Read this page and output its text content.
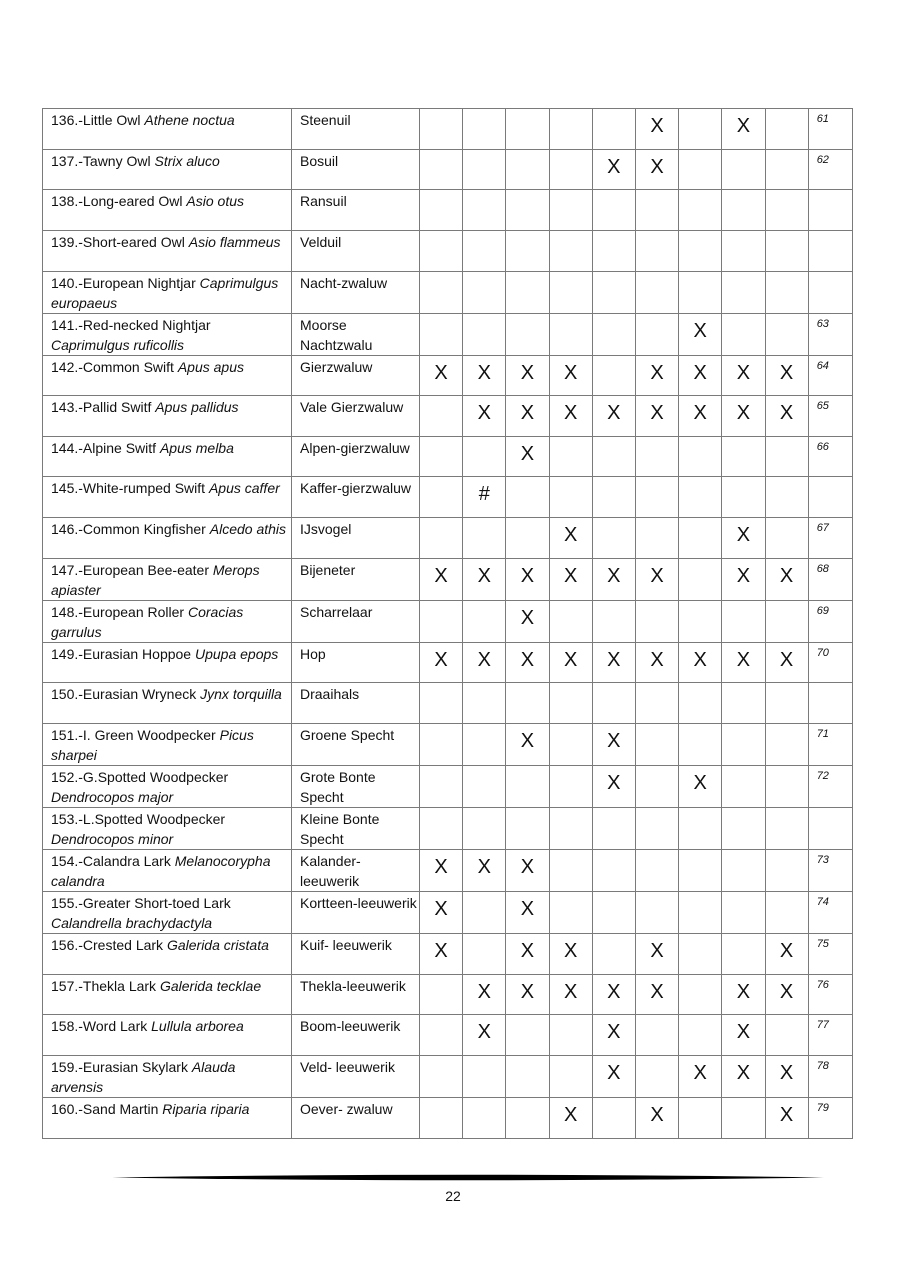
136.-Little Owl Athene noctua	Steenuil						X		X		61
137.-Tawny Owl Strix aluco	Bosuil					X	X				62
138.-Long-eared Owl Asio otus	Ransuil										
139.-Short-eared Owl Asio flammeus	Velduil										
140.-European Nightjar Caprimulgus europaeus	Nacht-zwaluw										
141.-Red-necked Nightjar Caprimulgus ruficollis	Moorse Nachtzwalu							X			63
142.-Common Swift Apus apus	Gierzwaluw	X	X	X	X		X	X	X	X	64
143.-Pallid Switf Apus pallidus	Vale Gierzwaluw		X	X	X	X	X	X	X	X	65
144.-Alpine Switf Apus melba	Alpen-gierzwaluw			X							66
145.-White-rumped Swift Apus caffer	Kaffer-gierzwaluw		#								
146.-Common Kingfisher Alcedo athis	IJsvogel				X				X		67
147.-European Bee-eater Merops apiaster	Bijeneter	X	X	X	X	X	X		X	X	68
148.-European Roller Coracias garrulus	Scharrelaar			X							69
149.-Eurasian Hoppoe Upupa epops	Hop	X	X	X	X	X	X	X	X	X	70
150.-Eurasian Wryneck Jynx torquilla	Draaihals										
151.-I. Green Woodpecker Picus sharpei	Groene Specht			X		X					71
152.-G.Spotted Woodpecker Dendrocopos major	Grote Bonte Specht					X		X			72
153.-L.Spotted Woodpecker Dendrocopos minor	Kleine Bonte Specht										
154.-Calandra Lark Melanocorypha calandra	Kalander-leeuwerik	X	X	X							73
155.-Greater Short-toed Lark Calandrella brachydactyla	Kortteen-leeuwerik	X		X							74
156.-Crested Lark Galerida cristata	Kuif- leeuwerik	X		X	X		X			X	75
157.-Thekla Lark Galerida tecklae	Thekla-leeuwerik		X	X	X	X	X		X	X	76
158.-Word Lark Lullula arborea	Boom-leeuwerik		X			X			X		77
159.-Eurasian Skylark Alauda arvensis	Veld- leeuwerik					X		X	X	X	78
160.-Sand Martin Riparia riparia	Oever- zwaluw				X		X			X	79
22
